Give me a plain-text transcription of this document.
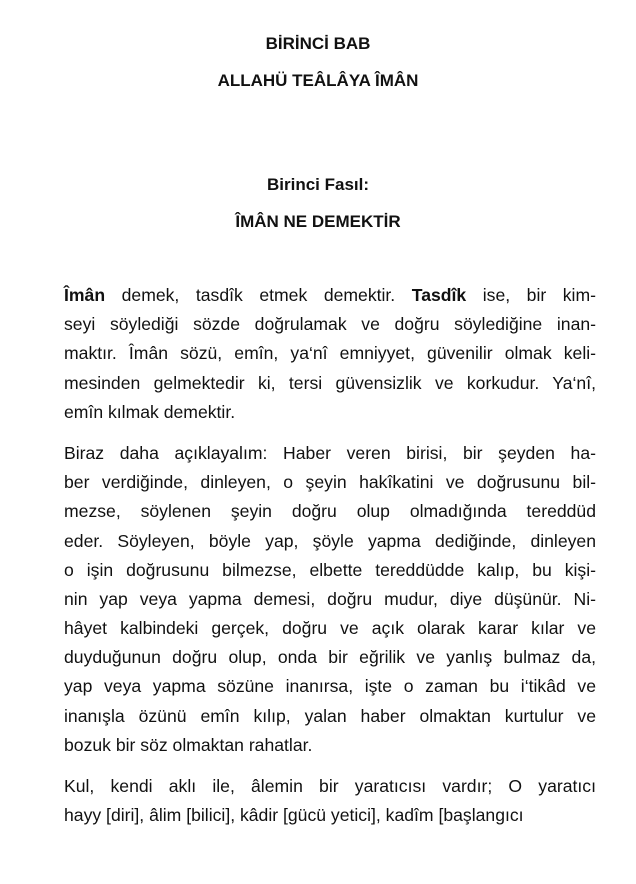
BİRİNCİ BAB
ALLAHÜ TEÂLÂYA ÎMÂN
Birinci Fasıl:
ÎMÂN NE DEMEKTİR
Îmân demek, tasdîk etmek demektir. Tasdîk ise, bir kim-
seyi söylediği sözde doğrulamak ve doğru söylediğine inan-
maktır. Îmân sözü, emîn, ya‘nî emniyyet, güvenilir olmak keli-
mesinden gelmektedir ki, tersi güvensizlik ve korkudur. Ya‘nî,
emîn kılmak demektir.
Biraz daha açıklayalım: Haber veren birisi, bir şeyden ha-
ber verdiğinde, dinleyen, o şeyin hakîkatini ve doğrusunu bil-
mezse, söylenen şeyin doğru olup olmadığında tereddüd
eder. Söyleyen, böyle yap, şöyle yapma dediğinde, dinleyen
o işin doğrusunu bilmezse, elbette tereddüdde kalıp, bu kişi-
nin yap veya yapma demesi, doğru mudur, diye düşünür. Ni-
hâyet kalbindeki gerçek, doğru ve açık olarak karar kılar ve
duyduğunun doğru olup, onda bir eğrilik ve yanlış bulmaz da,
yap veya yapma sözüne inanırsa, işte o zaman bu i‘tikâd ve
inanışla özünü emîn kılıp, yalan haber olmaktan kurtulur ve
bozuk bir söz olmaktan rahatlar.
Kul, kendi aklı ile, âlemin bir yaratıcısı vardır; O yaratıcı
hayy [diri], âlim [bilici], kâdir [gücü yetici], kadîm [başlangıcı
